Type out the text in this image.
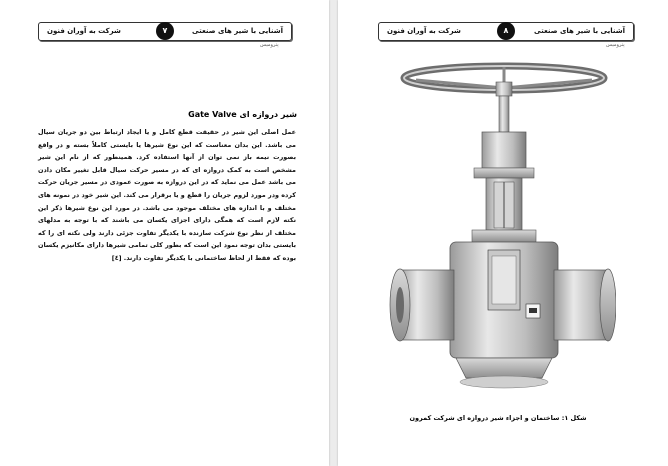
شرکت به آوران فنون	۷	آشنایی با شیر های صنعتی
پترومیس
شیر دروازه ای Gate Valve
عمل اصلی این شیر در حقیقت قطع کامل و یا ایجاد ارتباط بین دو جریان سیال می باشد. این بدان معناست که این نوع شیرها یا بایستی کاملاً بسته و در واقع بصورت نیمه باز نمی توان از آنها استفاده کرد. همینطور که از نام این شیر مشخص است به کمک دروازه ای که در مسیر حرکت سیال قابل تغییر مکان دادن می باشد عمل می نماید که در این دروازه به صورت عمودی در مسیر جریان حرکت کرده ودر مورد لزوم جریان را قطع و یا برقرار می کند. این شیر خود در نمونه های مختلف و با اندازه های مختلف موجود می باشد. در مورد این نوع شیرها ذکر این نکته لازم است که همگی دارای اجزای یکسان می باشند که با توجه به مدلهای مختلف از نظر نوع شرکت سازنده با یکدیگر تفاوت جزئی دارند ولی نکته ای را که بایستی بدان توجه نمود این است که بطور کلی تمامی شیرها دارای مکانیزم یکسان بوده که فقط از لحاظ ساختمانی با یکدیگر تفاوت دارند. [٤]
شرکت به آوران فنون	۸	آشنایی با شیر های صنعتی
پترومیس
شکل ١: ساختمان و اجزاء شیر دروازه ای شرکت کمرون
